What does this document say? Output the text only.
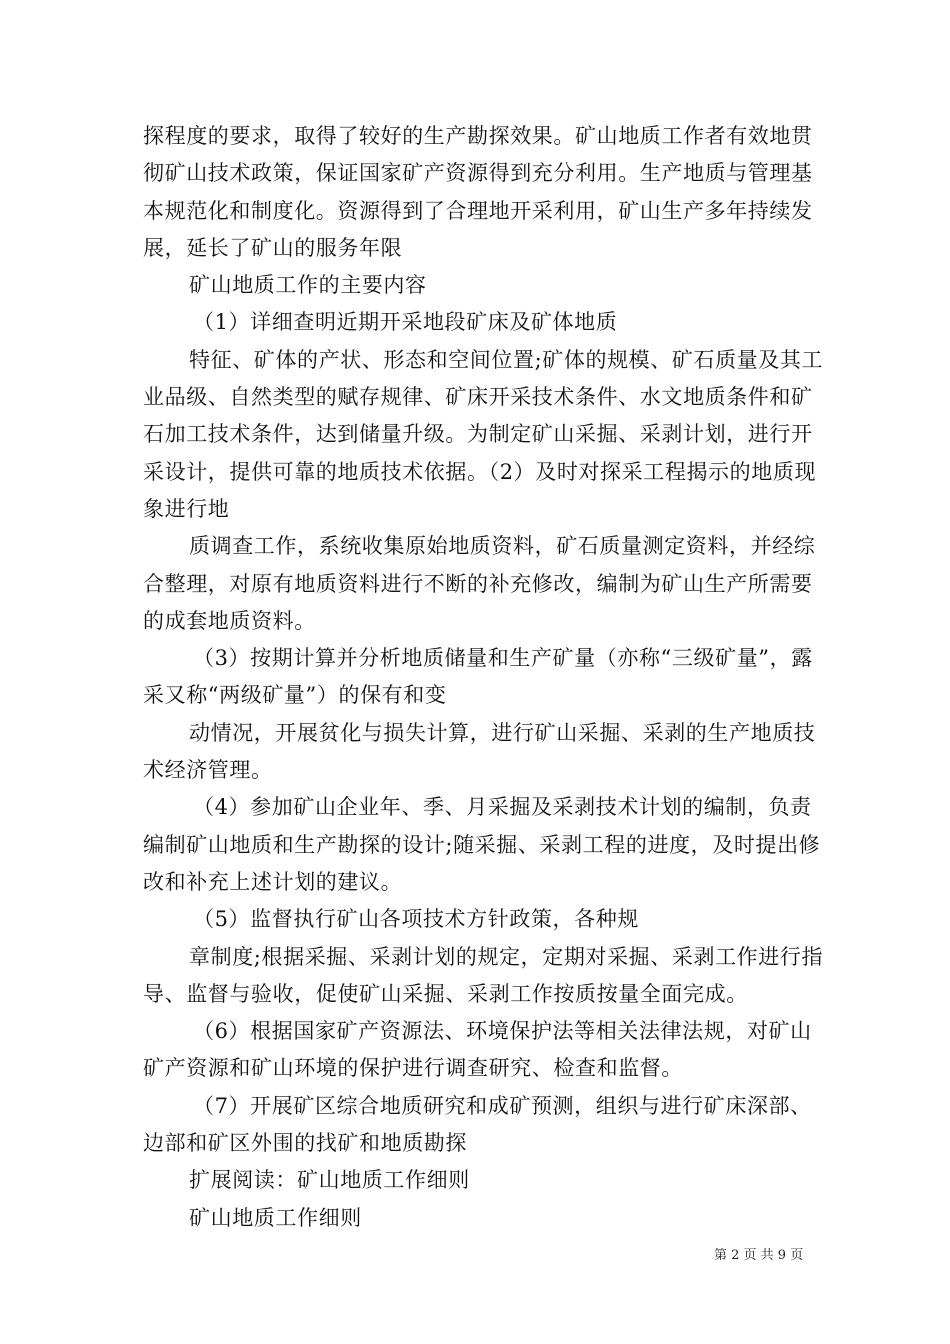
探程度的要求，取得了较好的生产勘探效果。矿山地质工作者有效地贯彻矿山技术政策，保证国家矿产资源得到充分利用。生产地质与管理基本规范化和制度化。资源得到了合理地开采利用，矿山生产多年持续发展，延长了矿山的服务年限

矿山地质工作的主要内容

（1）详细查明近期开采地段矿床及矿体地质

特征、矿体的产状、形态和空间位置;矿体的规模、矿石质量及其工业品级、自然类型的赋存规律、矿床开采技术条件、水文地质条件和矿石加工技术条件，达到储量升级。为制定矿山采掘、采剥计划，进行开采设计，提供可靠的地质技术依据。（2）及时对探采工程揭示的地质现象进行地

质调查工作，系统收集原始地质资料，矿石质量测定资料，并经综合整理，对原有地质资料进行不断的补充修改，编制为矿山生产所需要的成套地质资料。

（3）按期计算并分析地质储量和生产矿量（亦称“三级矿量”，露采又称“两级矿量”）的保有和变

动情况，开展贫化与损失计算，进行矿山采掘、采剥的生产地质技术经济管理。

（4）参加矿山企业年、季、月采掘及采剥技术计划的编制，负责编制矿山地质和生产勘探的设计;随采掘、采剥工程的进度，及时提出修改和补充上述计划的建议。

（5）监督执行矿山各项技术方针政策，各种规

章制度;根据采掘、采剥计划的规定，定期对采掘、采剥工作进行指导、监督与验收，促使矿山采掘、采剥工作按质按量全面完成。

（6）根据国家矿产资源法、环境保护法等相关法律法规，对矿山矿产资源和矿山环境的保护进行调查研究、检查和监督。

（7）开展矿区综合地质研究和成矿预测，组织与进行矿床深部、边部和矿区外围的找矿和地质勘探

扩展阅读：矿山地质工作细则

矿山地质工作细则

第 2 页 共 9 页
